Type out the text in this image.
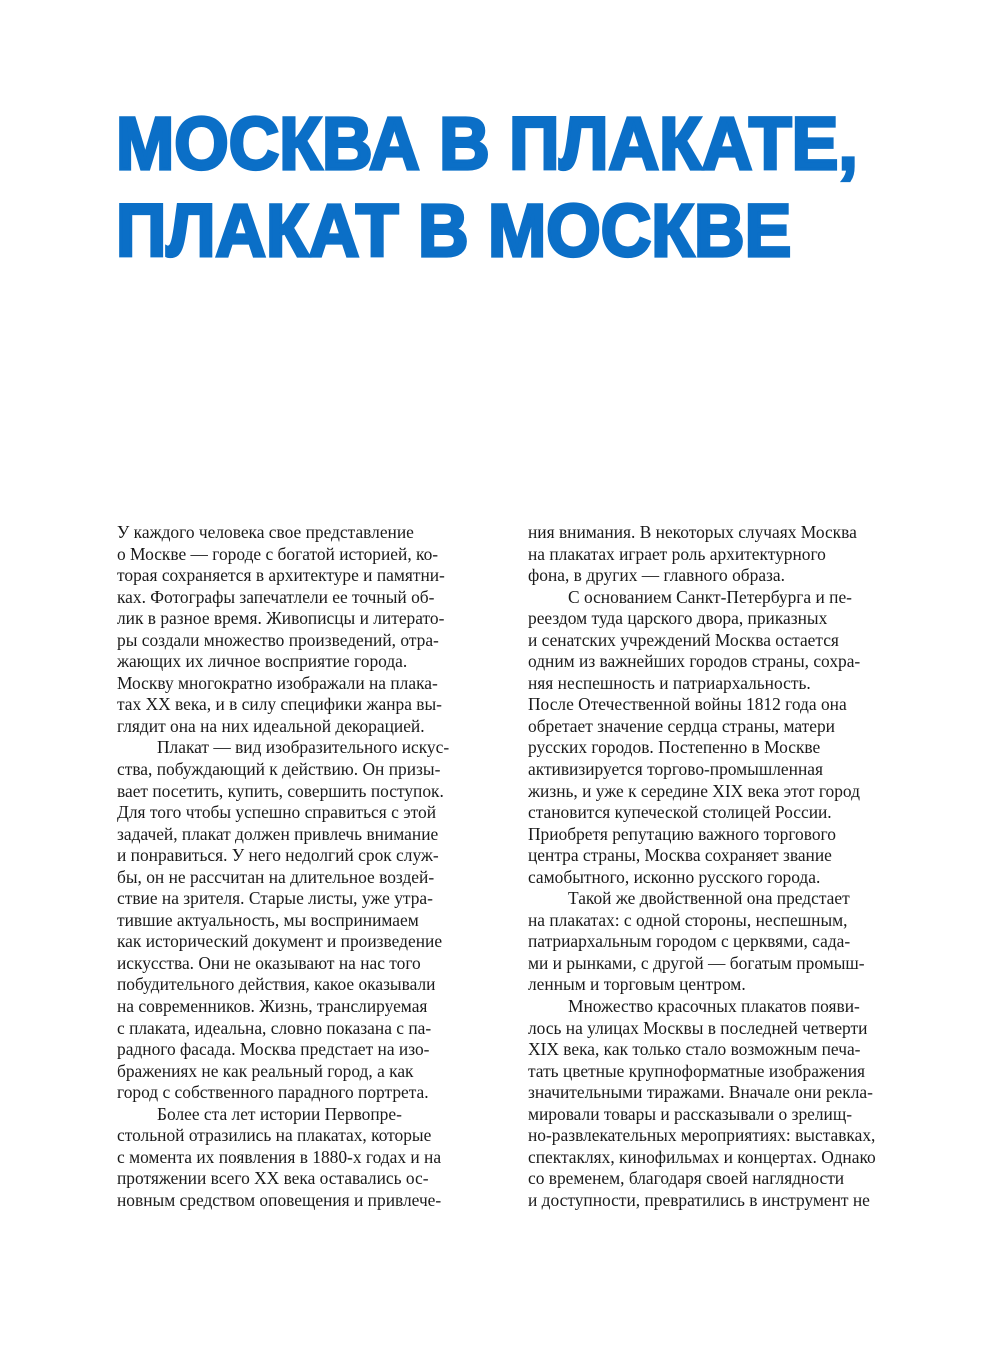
МОСКВА В ПЛАКАТЕ,
ПЛАКАТ В МОСКВЕ
У каждого человека свое представление
о Москве — городе с богатой историей, ко-
торая сохраняется в архитектуре и памятни-
ках. Фотографы запечатлели ее точный об-
лик в разное время. Живописцы и литерато-
ры создали множество произведений, отра-
жающих их личное восприятие города.
Москву многократно изображали на плака-
тах XX века, и в силу специфики жанра вы-
глядит она на них идеальной декорацией.
Плакат — вид изобразительного искус-
ства, побуждающий к действию. Он призы-
вает посетить, купить, совершить поступок.
Для того чтобы успешно справиться с этой
задачей, плакат должен привлечь внимание
и понравиться. У него недолгий срок служ-
бы, он не рассчитан на длительное воздей-
ствие на зрителя. Старые листы, уже утра-
тившие актуальность, мы воспринимаем
как исторический документ и произведение
искусства. Они не оказывают на нас того
побудительного действия, какое оказывали
на современников. Жизнь, транслируемая
с плаката, идеальна, словно показана с па-
радного фасада. Москва предстает на изо-
бражениях не как реальный город, а как
город с собственного парадного портрета.
Более ста лет истории Первопре-
стольной отразились на плакатах, которые
с момента их появления в 1880-х годах и на
протяжении всего XX века оставались ос-
новным средством оповещения и привлече-
ния внимания. В некоторых случаях Москва
на плакатах играет роль архитектурного
фона, в других — главного образа.
С основанием Санкт-Петербурга и пе-
реездом туда царского двора, приказных
и сенатских учреждений Москва остается
одним из важнейших городов страны, сохра-
няя неспешность и патриархальность.
После Отечественной войны 1812 года она
обретает значение сердца страны, матери
русских городов. Постепенно в Москве
активизируется торгово-промышленная
жизнь, и уже к середине XIX века этот город
становится купеческой столицей России.
Приобретя репутацию важного торгового
центра страны, Москва сохраняет звание
самобытного, исконно русского города.
Такой же двойственной она предстает
на плакатах: с одной стороны, неспешным,
патриархальным городом с церквями, сада-
ми и рынками, с другой — богатым промыш-
ленным и торговым центром.
Множество красочных плакатов появи-
лось на улицах Москвы в последней четверти
XIX века, как только стало возможным печа-
тать цветные крупноформатные изображения
значительными тиражами. Вначале они рекла-
мировали товары и рассказывали о зрелищ-
но-развлекательных мероприятиях: выставках,
спектаклях, кинофильмах и концертах. Однако
со временем, благодаря своей наглядности
и доступности, превратились в инструмент не
